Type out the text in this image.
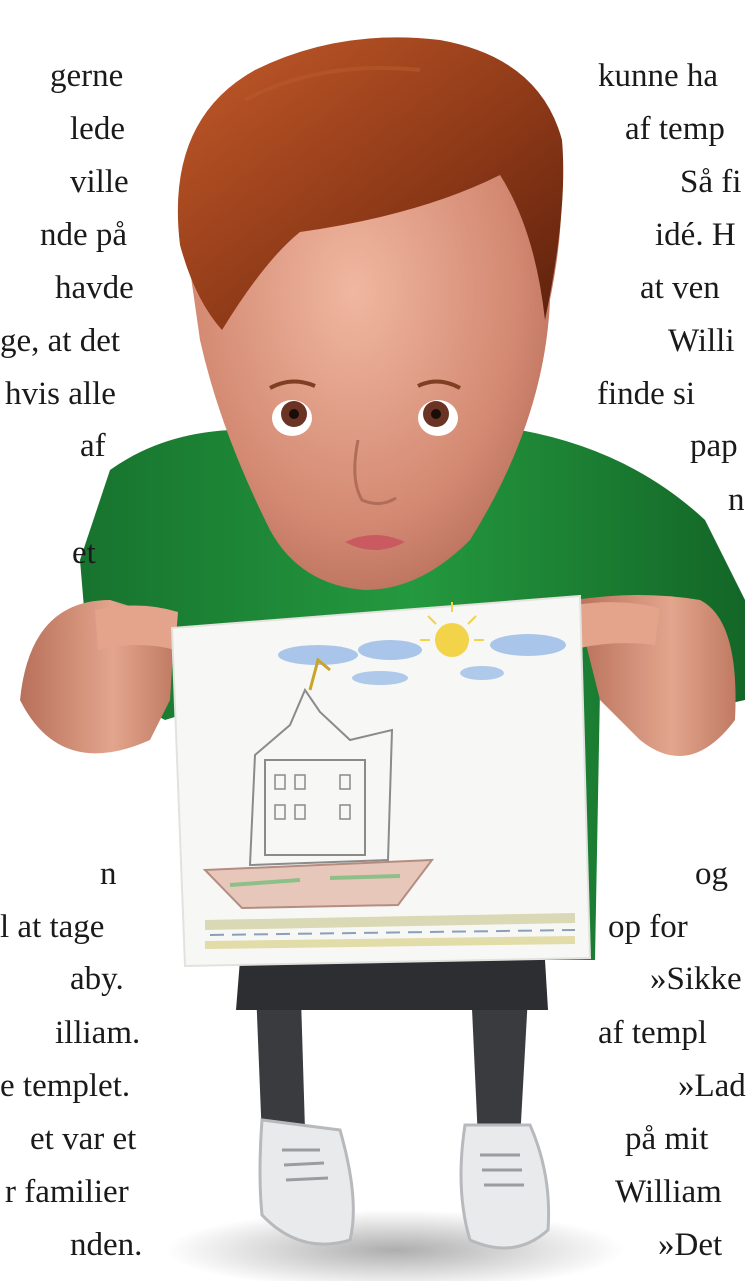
gerne

lede

ville

nde på

havde

ge, at det

hvis alle

af

et

n

l at tage

aby.

illiam.

e templet.

et var et

r familier

nden.

kunne ha

af temp

Så fi

idé. H

at ven

Willi

finde si

pap

n

og

op for

»Sikke

af templ

»Lad

på mit

William

»Det
